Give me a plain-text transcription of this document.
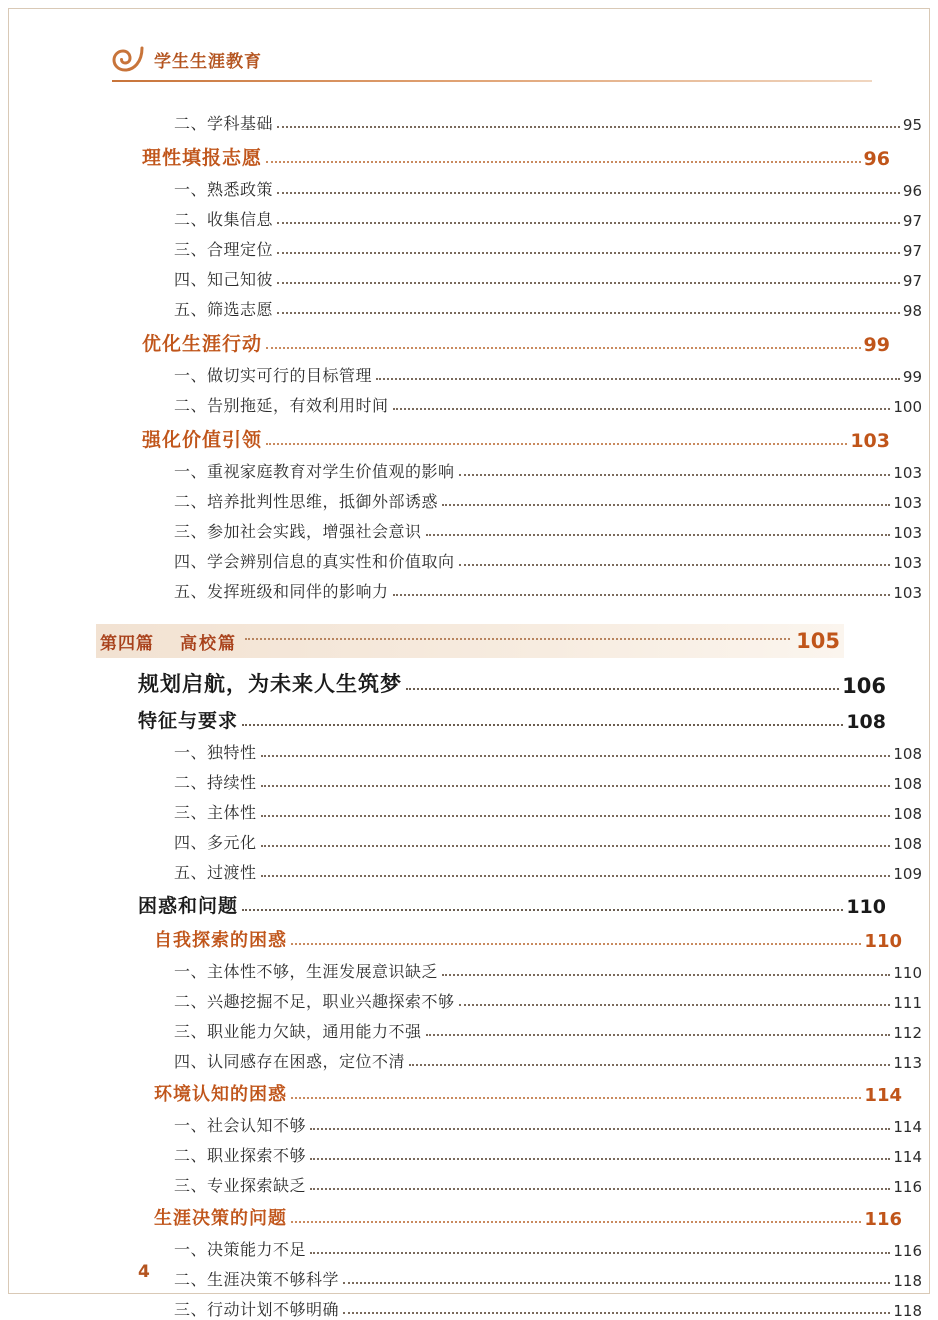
学生生涯教育
二、学科基础	95
理性填报志愿	96
一、熟悉政策	96
二、收集信息	97
三、合理定位	97
四、知己知彼	97
五、筛选志愿	98
优化生涯行动	99
一、做切实可行的目标管理	99
二、告别拖延，有效利用时间	100
强化价值引领	103
一、重视家庭教育对学生价值观的影响	103
二、培养批判性思维，抵御外部诱惑	103
三、参加社会实践，增强社会意识	103
四、学会辨别信息的真实性和价值取向	103
五、发挥班级和同伴的影响力	103
第四篇 高校篇	105
规划启航，为未来人生筑梦	106
特征与要求	108
一、独特性	108
二、持续性	108
三、主体性	108
四、多元化	108
五、过渡性	109
困惑和问题	110
自我探索的困惑	110
一、主体性不够，生涯发展意识缺乏	110
二、兴趣挖掘不足，职业兴趣探索不够	111
三、职业能力欠缺，通用能力不强	112
四、认同感存在困惑，定位不清	113
环境认知的困惑	114
一、社会认知不够	114
二、职业探索不够	114
三、专业探索缺乏	116
生涯决策的问题	116
一、决策能力不足	116
二、生涯决策不够科学	118
三、行动计划不够明确	118
4
